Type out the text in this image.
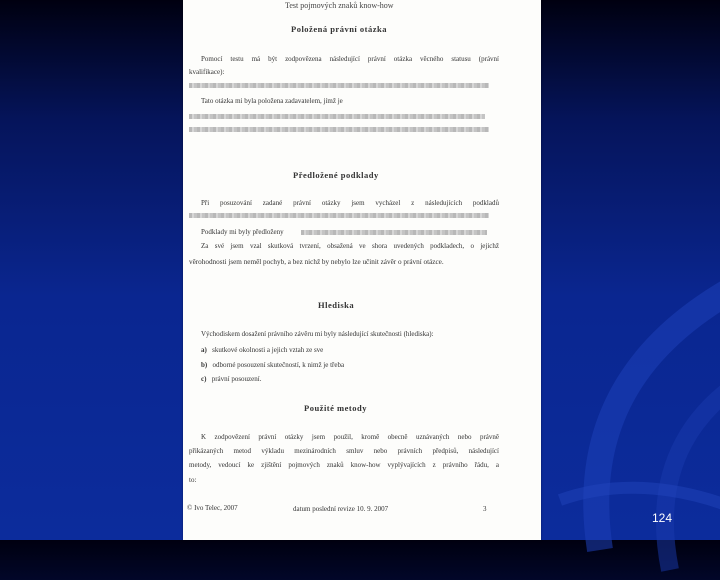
Test pojmových znaků know-how
Položená právní otázka
Pomocí testu má být zodpovězena následující právní otázka věcného statusu (právní
kvalifikace):
Tato otázka mi byla položena zadavatelem, jímž je
Předložené podklady
Při posuzování zadané právní otázky jsem vycházel z následujících podkladů
Podklady mi byly předloženy
Za své jsem vzal skutková tvrzení, obsažená ve shora uvedených podkladech, o jejichž
věrohodnosti jsem neměl pochyb, a bez nichž by nebylo lze učinit závěr o právní otázce.
Hlediska
Východiskem dosažení právního závěru mi byly následující skutečnosti (hlediska):
a) skutkové okolnosti a jejich vztah ze sve
b) odborné posouzení skutečností, k nimž je třeba
c) právní posouzení.
Použité metody
K zodpovězení právní otázky jsem použil, kromě obecně uznávaných nebo právně
přikázaných metod výkladu mezinárodních smluv nebo právních předpisů, následující
metody, vedoucí ke zjištění pojmových znaků know-how vyplývajících z právního řádu, a
to:
© Ivo Telec, 2007	datum poslední revize 10. 9. 2007	3
124
